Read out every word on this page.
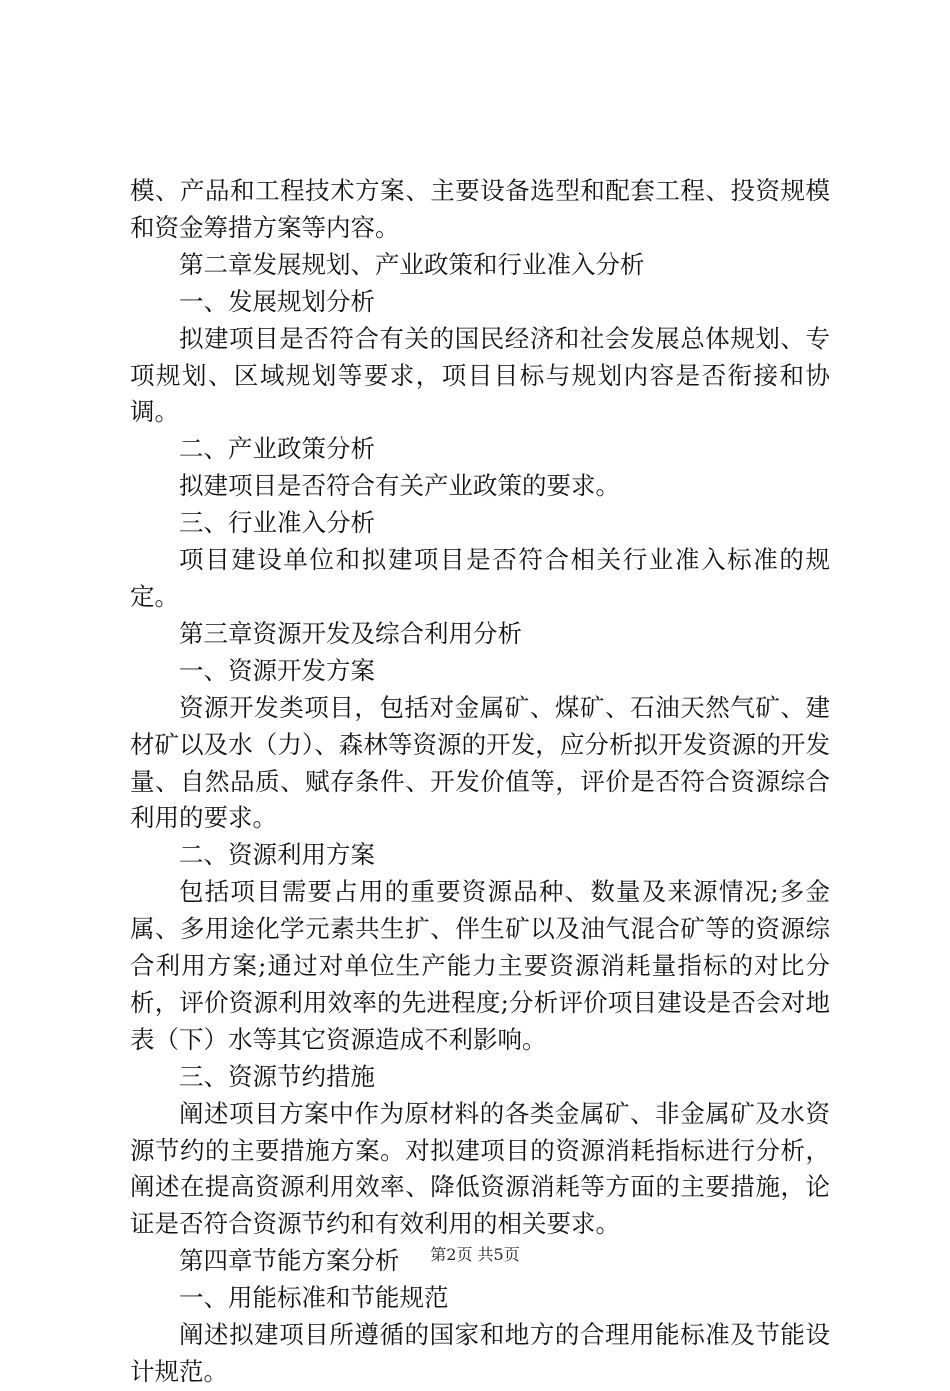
模、产品和工程技术方案、主要设备选型和配套工程、投资规模和资金筹措方案等内容。

第二章发展规划、产业政策和行业准入分析

一、发展规划分析

拟建项目是否符合有关的国民经济和社会发展总体规划、专项规划、区域规划等要求，项目目标与规划内容是否衔接和协调。

二、产业政策分析

拟建项目是否符合有关产业政策的要求。

三、行业准入分析

项目建设单位和拟建项目是否符合相关行业准入标准的规定。

第三章资源开发及综合利用分析

一、资源开发方案

资源开发类项目，包括对金属矿、煤矿、石油天然气矿、建材矿以及水（力）、森林等资源的开发，应分析拟开发资源的开发量、自然品质、赋存条件、开发价值等，评价是否符合资源综合利用的要求。

二、资源利用方案

包括项目需要占用的重要资源品种、数量及来源情况;多金属、多用途化学元素共生扩、伴生矿以及油气混合矿等的资源综合利用方案;通过对单位生产能力主要资源消耗量指标的对比分析，评价资源利用效率的先进程度;分析评价项目建设是否会对地表（下）水等其它资源造成不利影响。

三、资源节约措施

阐述项目方案中作为原材料的各类金属矿、非金属矿及水资源节约的主要措施方案。对拟建项目的资源消耗指标进行分析，阐述在提高资源利用效率、降低资源消耗等方面的主要措施，论证是否符合资源节约和有效利用的相关要求。

第四章节能方案分析

一、用能标准和节能规范

阐述拟建项目所遵循的国家和地方的合理用能标准及节能设计规范。

第2页 共5页
